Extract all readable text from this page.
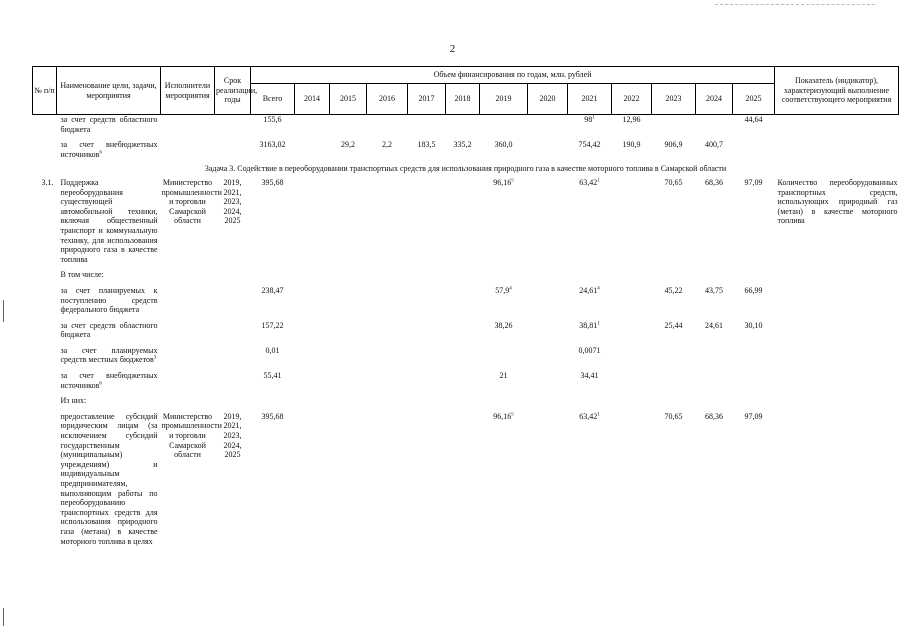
2
№ п/п	Наименование цели, задачи, мероприятия	Исполнители мероприятия	Срок реализации, годы	Объем финансирования по годам, млн. рублей													Показатель (индикатор), характеризующий выполнение соответствующего мероприятия
				Всего	2014	2015	2016	2017	2018	2019	2020	2021	2022	2023	2024	2025	
	за счет средств областного бюджета			155,6								$98^1$	12,96			44,64	
	за счет внебюджетных источников$^6$			3163,02		29,2	2,2	183,5	335,2	360,0		754,42	190,9	906,9	400,7		
Задача 3. Содействие в переоборудовании транспортных средств для использования природного газа в качестве моторного топлива в Самарской области																	
3.1.	Поддержка переоборудования существующей автомобильной техники, включая общественный транспорт и коммунальную технику, для использования природного газа в качестве топлива	Министерство промышленности и торговли Самарской области	2019, 2021, 2023, 2024, 2025	395,68						96,16$^5$		63,42$^1$		70,65	68,36	97,09	Количество переоборудованных транспортных средств, использующих природный газ (метан) в качестве моторного топлива
	В том числе:																
	за счет планируемых к поступлению средств федерального бюджета			238,47						57,9$^4$		24,61$^4$		45,22	43,75	66,99	
	за счет средств областного бюджета			157,22						38,26		38,81$^1$		25,44	24,61	30,10	
	за счет планируемых средств местных бюджетов$^3$			0,01								0,0071					
	за счет внебюджетных источников$^6$			55,41						21		34,41					
	Из них:																
	предоставление субсидий юридическим лицам (за исключением субсидий государственным (муниципальным) учреждениям) и индивидуальным предпринимателям, выполняющим работы по переоборудованию транспортных средств для использования природного газа (метана) в качестве моторного топлива в целях	Министерство промышленности и торговли Самарской области	2019, 2021, 2023, 2024, 2025	395,68						96,16$^5$		63,42$^1$		70,65	68,36	97,09	
